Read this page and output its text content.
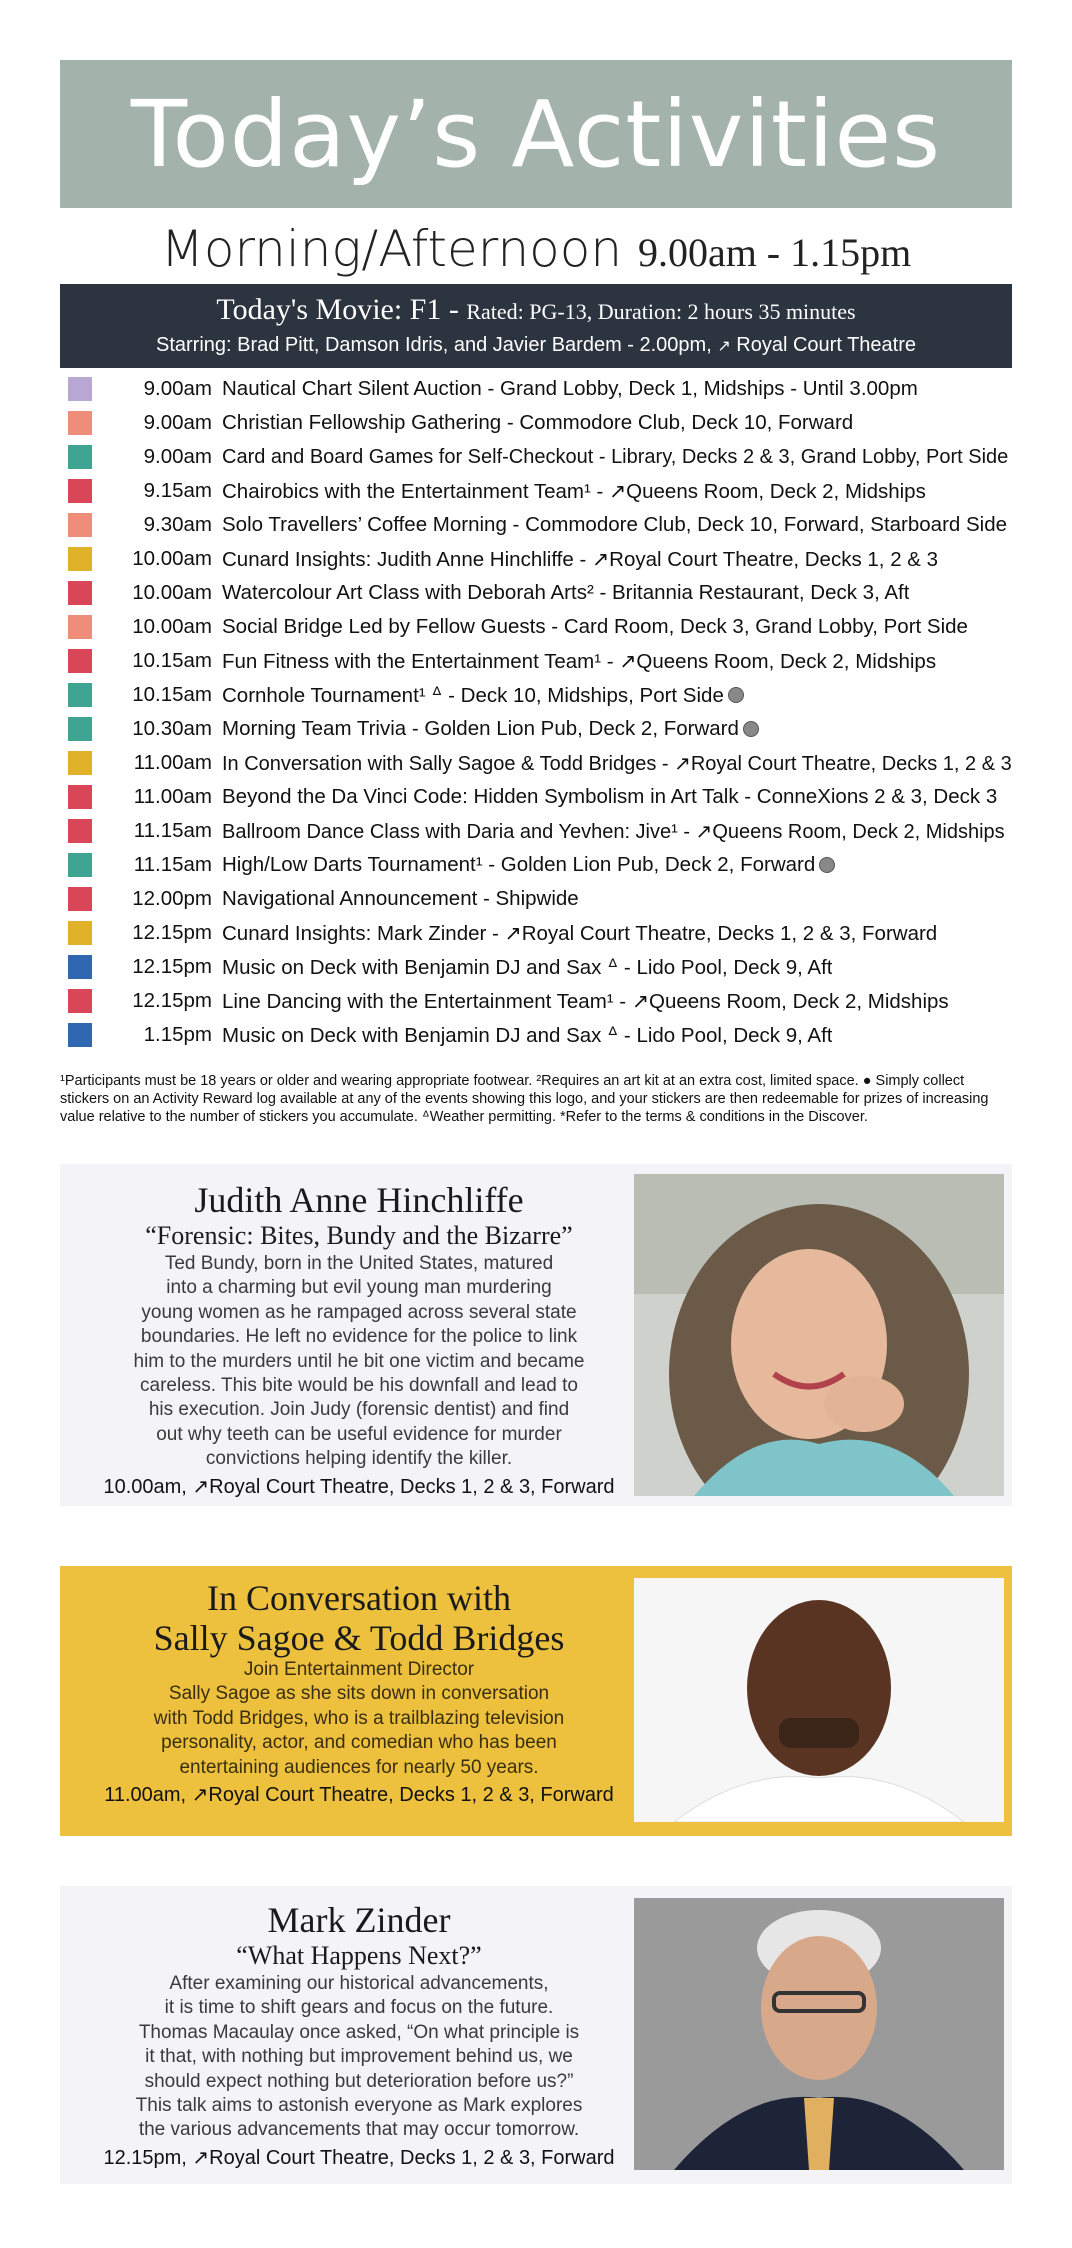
Today’s Activities
Morning/Afternoon 9.00am - 1.15pm
Today's Movie: F1 - Rated: PG-13, Duration: 2 hours 35 minutes
Starring: Brad Pitt, Damson Idris, and Javier Bardem - 2.00pm, ↗ Royal Court Theatre
9.00am Nautical Chart Silent Auction - Grand Lobby, Deck 1, Midships - Until 3.00pm
9.00am Christian Fellowship Gathering - Commodore Club, Deck 10, Forward
9.00am Card and Board Games for Self-Checkout - Library, Decks 2 & 3, Grand Lobby, Port Side
9.15am Chairobics with the Entertainment Team¹ - ↗Queens Room, Deck 2, Midships
9.30am Solo Travellers’ Coffee Morning - Commodore Club, Deck 10, Forward, Starboard Side
10.00am Cunard Insights: Judith Anne Hinchliffe - ↗Royal Court Theatre, Decks 1, 2 & 3
10.00am Watercolour Art Class with Deborah Arts² - Britannia Restaurant, Deck 3, Aft
10.00am Social Bridge Led by Fellow Guests - Card Room, Deck 3, Grand Lobby, Port Side
10.15am Fun Fitness with the Entertainment Team¹ - ↗Queens Room, Deck 2, Midships
10.15am Cornhole Tournament¹ ᐞ - Deck 10, Midships, Port Side
10.30am Morning Team Trivia - Golden Lion Pub, Deck 2, Forward
11.00am In Conversation with Sally Sagoe & Todd Bridges - ↗Royal Court Theatre, Decks 1, 2 & 3
11.00am Beyond the Da Vinci Code: Hidden Symbolism in Art Talk - ConneXions 2 & 3, Deck 3
11.15am Ballroom Dance Class with Daria and Yevhen: Jive¹ - ↗Queens Room, Deck 2, Midships
11.15am High/Low Darts Tournament¹ - Golden Lion Pub, Deck 2, Forward
12.00pm Navigational Announcement - Shipwide
12.15pm Cunard Insights: Mark Zinder - ↗Royal Court Theatre, Decks 1, 2 & 3, Forward
12.15pm Music on Deck with Benjamin DJ and Sax ᐞ - Lido Pool, Deck 9, Aft
12.15pm Line Dancing with the Entertainment Team¹ - ↗Queens Room, Deck 2, Midships
1.15pm Music on Deck with Benjamin DJ and Sax ᐞ - Lido Pool, Deck 9, Aft
¹Participants must be 18 years or older and wearing appropriate footwear. ²Requires an art kit at an extra cost, limited space. ● Simply collect stickers on an Activity Reward log available at any of the events showing this logo, and your stickers are then redeemable for prizes of increasing value relative to the number of stickers you accumulate. ᐞWeather permitting. *Refer to the terms & conditions in the Discover.
Judith Anne Hinchliffe
“Forensic: Bites, Bundy and the Bizarre”
Ted Bundy, born in the United States, matured
into a charming but evil young man murdering
young women as he rampaged across several state
boundaries. He left no evidence for the police to link
him to the murders until he bit one victim and became
careless. This bite would be his downfall and lead to
his execution. Join Judy (forensic dentist) and find
out why teeth can be useful evidence for murder
convictions helping identify the killer.
10.00am, ↗Royal Court Theatre, Decks 1, 2 & 3, Forward
In Conversation with
Sally Sagoe & Todd Bridges
Join Entertainment Director
Sally Sagoe as she sits down in conversation
with Todd Bridges, who is a trailblazing television
personality, actor, and comedian who has been
entertaining audiences for nearly 50 years.
11.00am, ↗Royal Court Theatre, Decks 1, 2 & 3, Forward
Mark Zinder
“What Happens Next?”
After examining our historical advancements,
it is time to shift gears and focus on the future.
Thomas Macaulay once asked, “On what principle is
it that, with nothing but improvement behind us, we
should expect nothing but deterioration before us?”
This talk aims to astonish everyone as Mark explores
the various advancements that may occur tomorrow.
12.15pm, ↗Royal Court Theatre, Decks 1, 2 & 3, Forward
